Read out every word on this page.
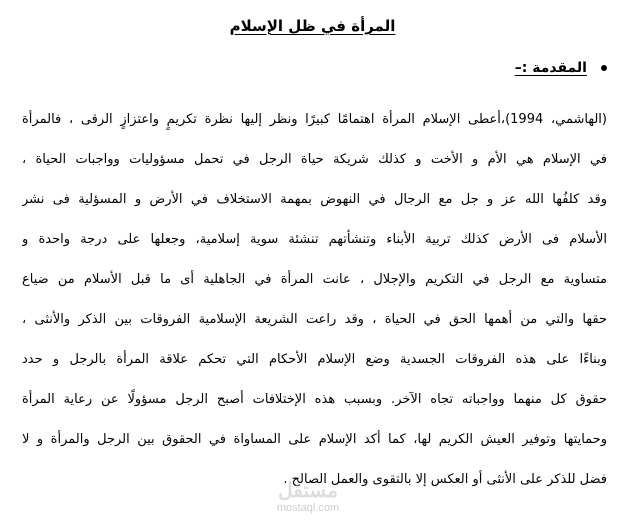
المرأة في ظل الإسلام
المقدمة :–
(الهاشمي، 1994)،أعطى الإسلام المرأة اهتمامًا كبيرًا ونظر إليها نظرة تكريمٍ واعتزازٍ الرقى ، فالمرأة
في الإسلام هي الأم و الأخت و كذلك شريكة حياة الرجل في تحمل مسؤوليات وواجبات الحياة ،
وقد كلفُها الله عز و جل مع الرجال في النهوض بمهمة الاستخلاف في الأرض و المسؤلية فى نشر
الأسلام فى الأرض كذلك تربية الأبناء وتنشأتهم تنشئة سوية إسلامية، وجعلها على درجة واحدة و
متساوية مع الرجل في التكريم والإجلال ، عانت المرأة في الجاهلية أى ما قبل الأسلام من ضياع
حقها والتي من أهمها الحق في الحياة ، وقد راعت الشريعة الإسلامية الفروقات بين الذكر والأنثى ،
وبناءًا على هذه الفروقات الجسدية وضع الإسلام الأحكام التي تحكم علاقة المرأة بالرجل و حدد
حقوق كل منهما وواجباته تجاه الآخر. وبسبب هذه الإختلافات أصبح الرجل مسؤولًا عن رعاية المرأة
وحمايتها وتوفير العيش الكريم لها، كما أكد الإسلام على المساواة في الحقوق بين الرجل والمرأة و لا
فضل للذكر على الأنثى أو العكس إلا بالتقوى والعمل الصالح .
مستقل
mostaql.com
